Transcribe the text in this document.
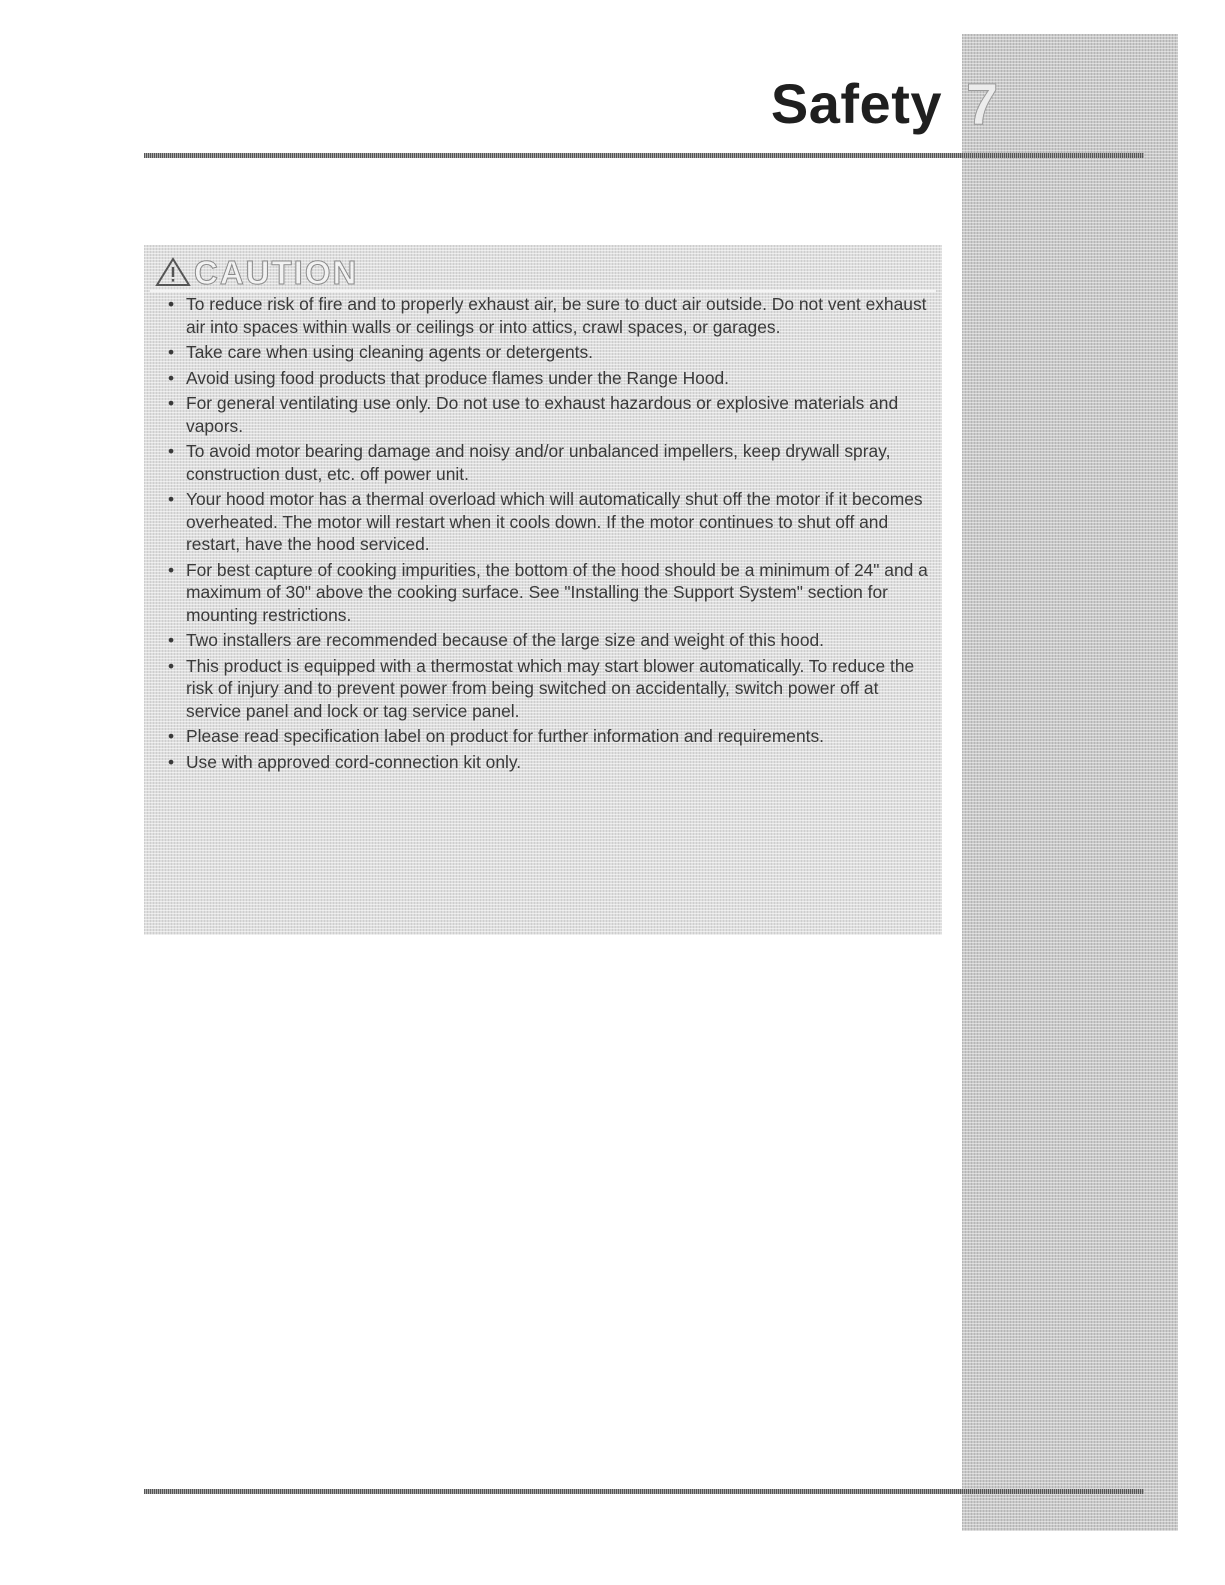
Safety 7
CAUTION
• To reduce risk of fire and to properly exhaust air, be sure to duct air outside. Do not vent exhaust air into spaces within walls or ceilings or into attics, crawl spaces, or garages.
• Take care when using cleaning agents or detergents.
• Avoid using food products that produce flames under the Range Hood.
• For general ventilating use only. Do not use to exhaust hazardous or explosive materials and vapors.
• To avoid motor bearing damage and noisy and/or unbalanced impellers, keep drywall spray, construction dust, etc. off power unit.
• Your hood motor has a thermal overload which will automatically shut off the motor if it becomes overheated. The motor will restart when it cools down. If the motor continues to shut off and restart, have the hood serviced.
• For best capture of cooking impurities, the bottom of the hood should be a minimum of 24" and a maximum of 30" above the cooking surface. See "Installing the Support System" section for mounting restrictions.
• Two installers are recommended because of the large size and weight of this hood.
• This product is equipped with a thermostat which may start blower automatically. To reduce the risk of injury and to prevent power from being switched on accidentally, switch power off at service panel and lock or tag service panel.
• Please read specification label on product for further information and requirements.
• Use with approved cord-connection kit only.
